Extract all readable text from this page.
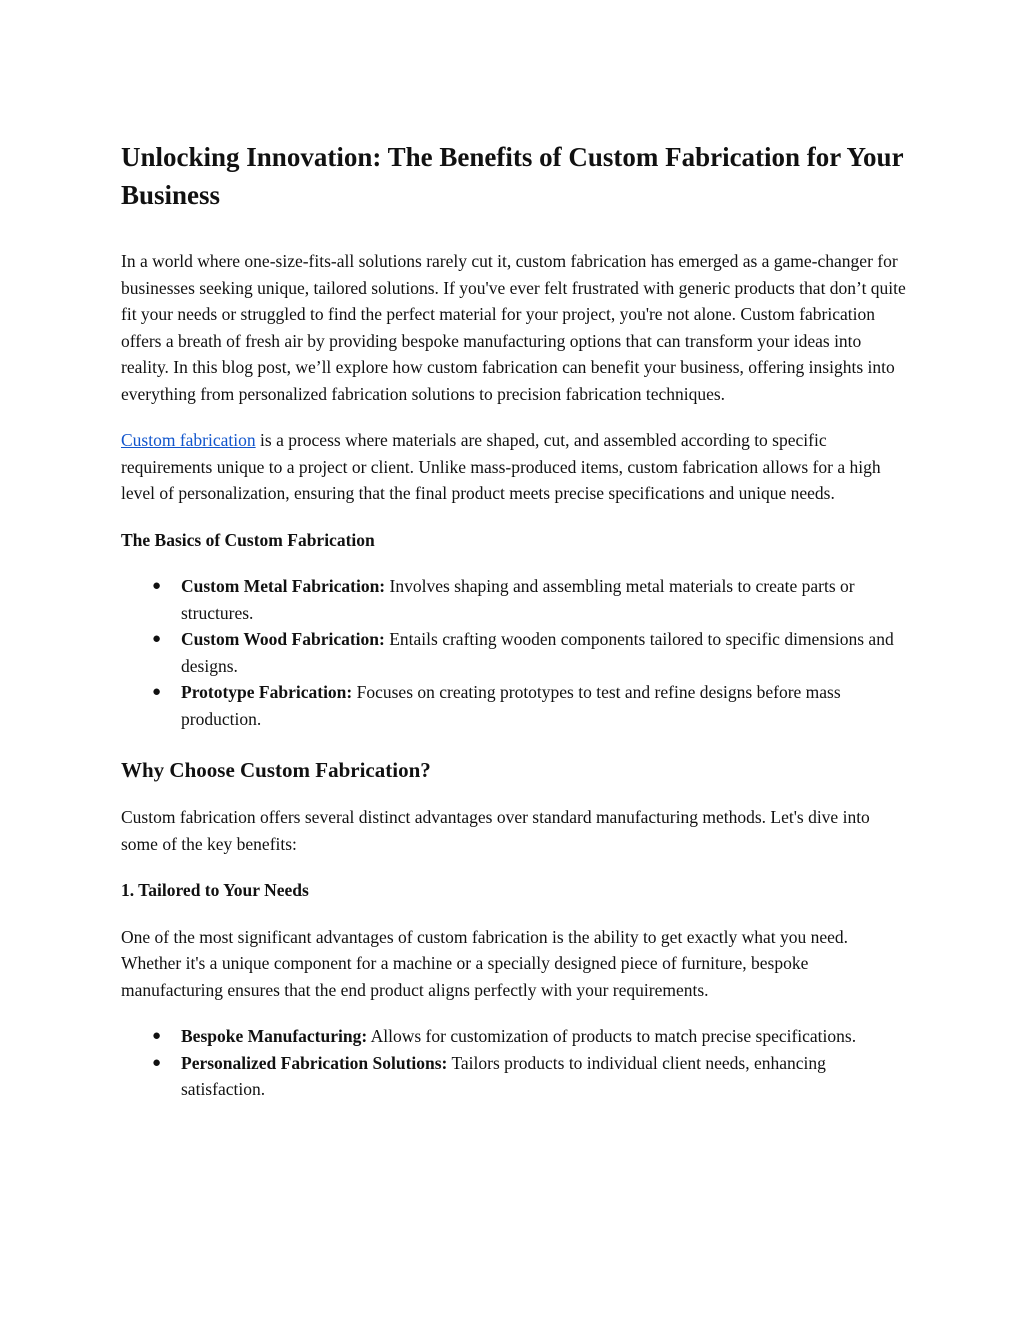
Unlocking Innovation: The Benefits of Custom Fabrication for Your Business

In a world where one-size-fits-all solutions rarely cut it, custom fabrication has emerged as a game-changer for businesses seeking unique, tailored solutions. If you've ever felt frustrated with generic products that don’t quite fit your needs or struggled to find the perfect material for your project, you're not alone. Custom fabrication offers a breath of fresh air by providing bespoke manufacturing options that can transform your ideas into reality. In this blog post, we’ll explore how custom fabrication can benefit your business, offering insights into everything from personalized fabrication solutions to precision fabrication techniques.

Custom fabrication is a process where materials are shaped, cut, and assembled according to specific requirements unique to a project or client. Unlike mass-produced items, custom fabrication allows for a high level of personalization, ensuring that the final product meets precise specifications and unique needs.

The Basics of Custom Fabrication
● Custom Metal Fabrication: Involves shaping and assembling metal materials to create parts or structures.
● Custom Wood Fabrication: Entails crafting wooden components tailored to specific dimensions and designs.
● Prototype Fabrication: Focuses on creating prototypes to test and refine designs before mass production.
Why Choose Custom Fabrication?

Custom fabrication offers several distinct advantages over standard manufacturing methods. Let's dive into some of the key benefits:

1. Tailored to Your Needs

One of the most significant advantages of custom fabrication is the ability to get exactly what you need. Whether it's a unique component for a machine or a specially designed piece of furniture, bespoke manufacturing ensures that the end product aligns perfectly with your requirements.

● Bespoke Manufacturing: Allows for customization of products to match precise specifications.
● Personalized Fabrication Solutions: Tailors products to individual client needs, enhancing satisfaction.
